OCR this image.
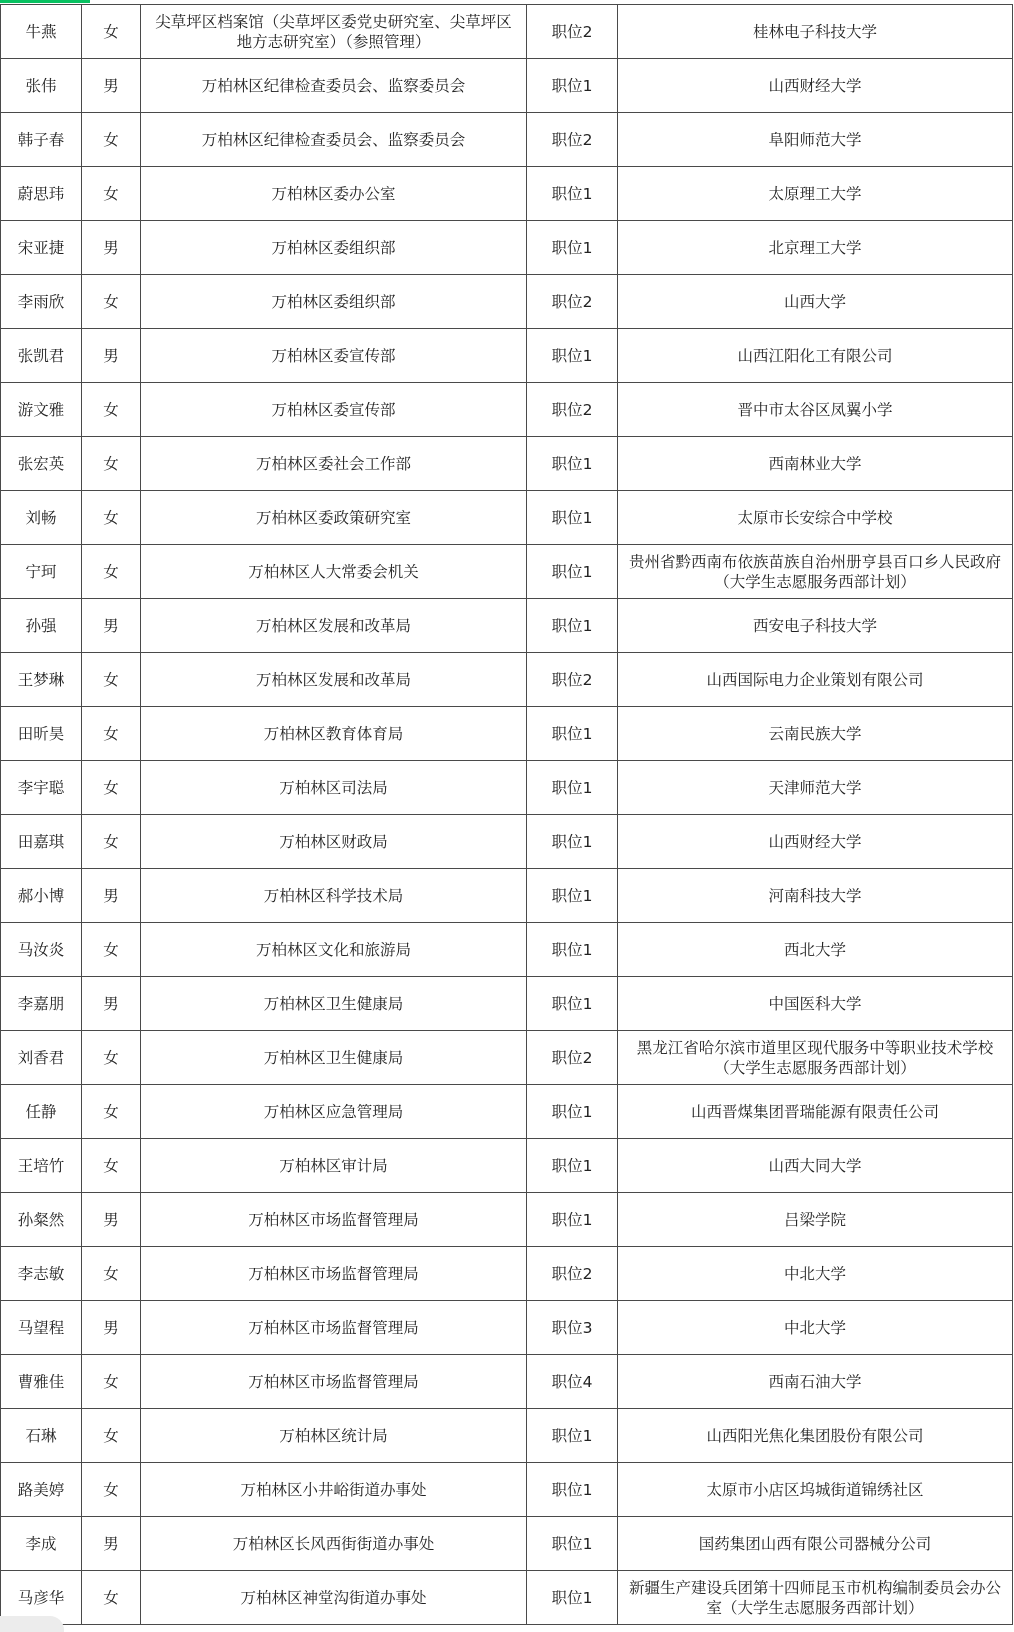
牛燕	女	尖草坪区档案馆（尖草坪区委党史研究室、尖草坪区地方志研究室）（参照管理）	职位2	桂林电子科技大学
张伟	男	万柏林区纪律检查委员会、监察委员会	职位1	山西财经大学
韩子春	女	万柏林区纪律检查委员会、监察委员会	职位2	阜阳师范大学
蔚思玮	女	万柏林区委办公室	职位1	太原理工大学
宋亚捷	男	万柏林区委组织部	职位1	北京理工大学
李雨欣	女	万柏林区委组织部	职位2	山西大学
张凯君	男	万柏林区委宣传部	职位1	山西江阳化工有限公司
游文雅	女	万柏林区委宣传部	职位2	晋中市太谷区凤翼小学
张宏英	女	万柏林区委社会工作部	职位1	西南林业大学
刘畅	女	万柏林区委政策研究室	职位1	太原市长安综合中学校
宁珂	女	万柏林区人大常委会机关	职位1	贵州省黔西南布依族苗族自治州册亨县百口乡人民政府（大学生志愿服务西部计划）
孙强	男	万柏林区发展和改革局	职位1	西安电子科技大学
王梦琳	女	万柏林区发展和改革局	职位2	山西国际电力企业策划有限公司
田昕昊	女	万柏林区教育体育局	职位1	云南民族大学
李宇聪	女	万柏林区司法局	职位1	天津师范大学
田嘉琪	女	万柏林区财政局	职位1	山西财经大学
郝小博	男	万柏林区科学技术局	职位1	河南科技大学
马汝炎	女	万柏林区文化和旅游局	职位1	西北大学
李嘉朋	男	万柏林区卫生健康局	职位1	中国医科大学
刘香君	女	万柏林区卫生健康局	职位2	黑龙江省哈尔滨市道里区现代服务中等职业技术学校（大学生志愿服务西部计划）
任静	女	万柏林区应急管理局	职位1	山西晋煤集团晋瑞能源有限责任公司
王培竹	女	万柏林区审计局	职位1	山西大同大学
孙粲然	男	万柏林区市场监督管理局	职位1	吕梁学院
李志敏	女	万柏林区市场监督管理局	职位2	中北大学
马望程	男	万柏林区市场监督管理局	职位3	中北大学
曹雅佳	女	万柏林区市场监督管理局	职位4	西南石油大学
石琳	女	万柏林区统计局	职位1	山西阳光焦化集团股份有限公司
路美婷	女	万柏林区小井峪街道办事处	职位1	太原市小店区坞城街道锦绣社区
李成	男	万柏林区长风西街街道办事处	职位1	国药集团山西有限公司器械分公司
马彦华	女	万柏林区神堂沟街道办事处	职位1	新疆生产建设兵团第十四师昆玉市机构编制委员会办公室（大学生志愿服务西部计划）
